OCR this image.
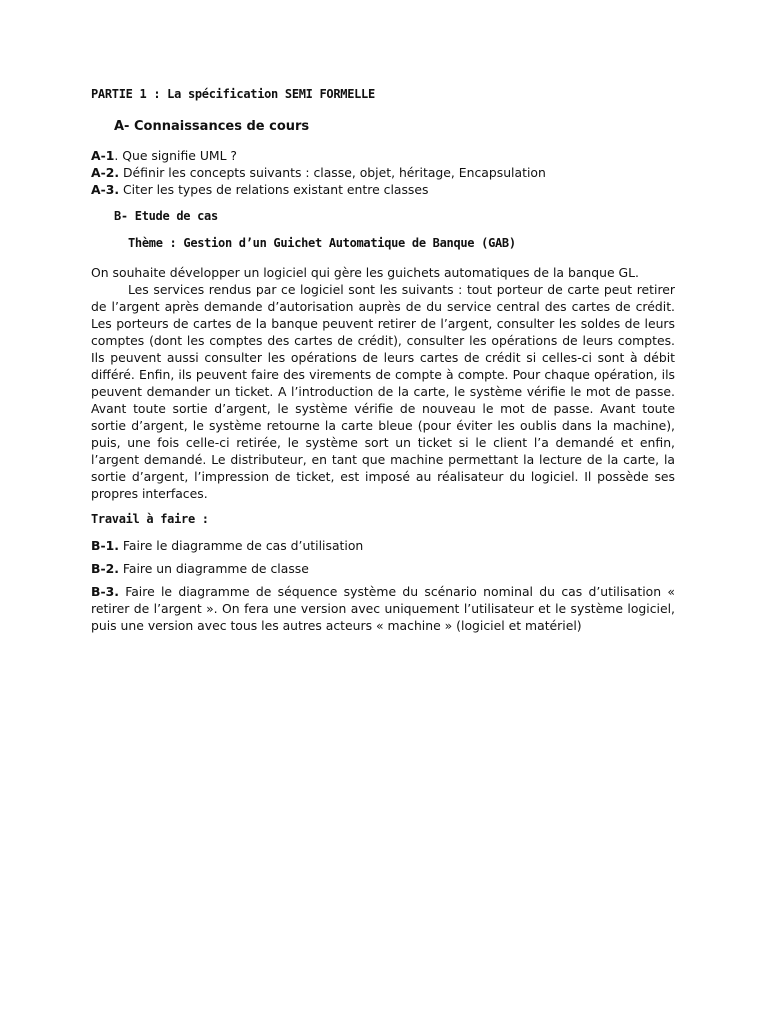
PARTIE 1 : La spécification SEMI FORMELLE
A- Connaissances de cours
A-1. Que signifie UML ?
A-2. Définir les concepts suivants : classe, objet, héritage, Encapsulation
A-3. Citer les types de relations existant entre classes
B- Etude de cas
Thème : Gestion d’un Guichet Automatique de Banque (GAB)

On souhaite développer un logiciel qui gère les guichets automatiques de la banque GL.

Les services rendus par ce logiciel sont les suivants : tout porteur de carte peut retirer de l’argent après demande d’autorisation auprès de du service central des cartes de crédit. Les porteurs de cartes de la banque peuvent retirer de l’argent, consulter les soldes de leurs comptes (dont les comptes des cartes de crédit), consulter les opérations de leurs comptes. Ils peuvent aussi consulter les opérations de leurs cartes de crédit si celles-ci sont à débit différé. Enfin, ils peuvent faire des virements de compte à compte. Pour chaque opération, ils peuvent demander un ticket. A l’introduction de la carte, le système vérifie le mot de passe. Avant toute sortie d’argent, le système vérifie de nouveau le mot de passe. Avant toute sortie d’argent, le système retourne la carte bleue (pour éviter les oublis dans la machine), puis, une fois celle-ci retirée, le système sort un ticket si le client l’a demandé et enfin, l’argent demandé. Le distributeur, en tant que machine permettant la lecture de la carte, la sortie d’argent, l’impression de ticket, est imposé au réalisateur du logiciel. Il possède ses propres interfaces.

Travail à faire :
B-1. Faire le diagramme de cas d’utilisation
B-2. Faire un diagramme de classe
B-3. Faire le diagramme de séquence système du scénario nominal du cas d’utilisation « retirer de l’argent ». On fera une version avec uniquement l’utilisateur et le système logiciel, puis une version avec tous les autres acteurs « machine » (logiciel et matériel)
